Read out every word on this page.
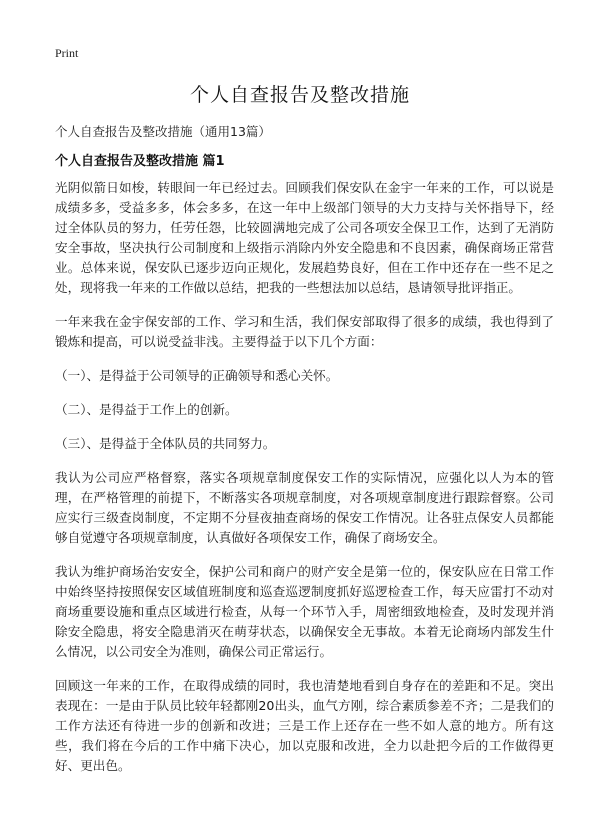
Print
个人自查报告及整改措施
个人自查报告及整改措施（通用13篇）
个人自查报告及整改措施 篇1

光阴似箭日如梭，转眼间一年已经过去。回顾我们保安队在金宇一年来的工作，可以说是成绩多多，受益多多，体会多多，在这一年中上级部门领导的大力支持与关怀指导下，经过全体队员的努力，任劳任怨，比较圆满地完成了公司各项安全保卫工作，达到了无消防安全事故，坚决执行公司制度和上级指示消除内外安全隐患和不良因素，确保商场正常营业。总体来说，保安队已逐步迈向正规化，发展趋势良好，但在工作中还存在一些不足之处，现将我一年来的工作做以总结，把我的一些想法加以总结，恳请领导批评指正。

一年来我在金宇保安部的工作、学习和生活，我们保安部取得了很多的成绩，我也得到了锻炼和提高，可以说受益非浅。主要得益于以下几个方面：

（一）、是得益于公司领导的正确领导和悉心关怀。

（二）、是得益于工作上的创新。

（三）、是得益于全体队员的共同努力。

我认为公司应严格督察，落实各项规章制度保安工作的实际情况，应强化以人为本的管理，在严格管理的前提下，不断落实各项规章制度，对各项规章制度进行跟踪督察。公司应实行三级查岗制度，不定期不分昼夜抽查商场的保安工作情况。让各驻点保安人员都能够自觉遵守各项规章制度，认真做好各项保安工作，确保了商场安全。

我认为维护商场治安安全，保护公司和商户的财产安全是第一位的，保安队应在日常工作中始终坚持按照保安区域值班制度和巡查巡逻制度抓好巡逻检查工作，每天应雷打不动对商场重要设施和重点区域进行检查，从每一个环节入手，周密细致地检查，及时发现并消除安全隐患，将安全隐患消灭在萌芽状态，以确保安全无事故。本着无论商场内部发生什么情况，以公司安全为准则，确保公司正常运行。

回顾这一年来的工作，在取得成绩的同时，我也清楚地看到自身存在的差距和不足。突出表现在：一是由于队员比较年轻都刚20出头，血气方刚，综合素质参差不齐；二是我们的工作方法还有待进一步的创新和改进；三是工作上还存在一些不如人意的地方。所有这些，我们将在今后的工作中痛下决心，加以克服和改进，全力以赴把今后的工作做得更好、更出色。
